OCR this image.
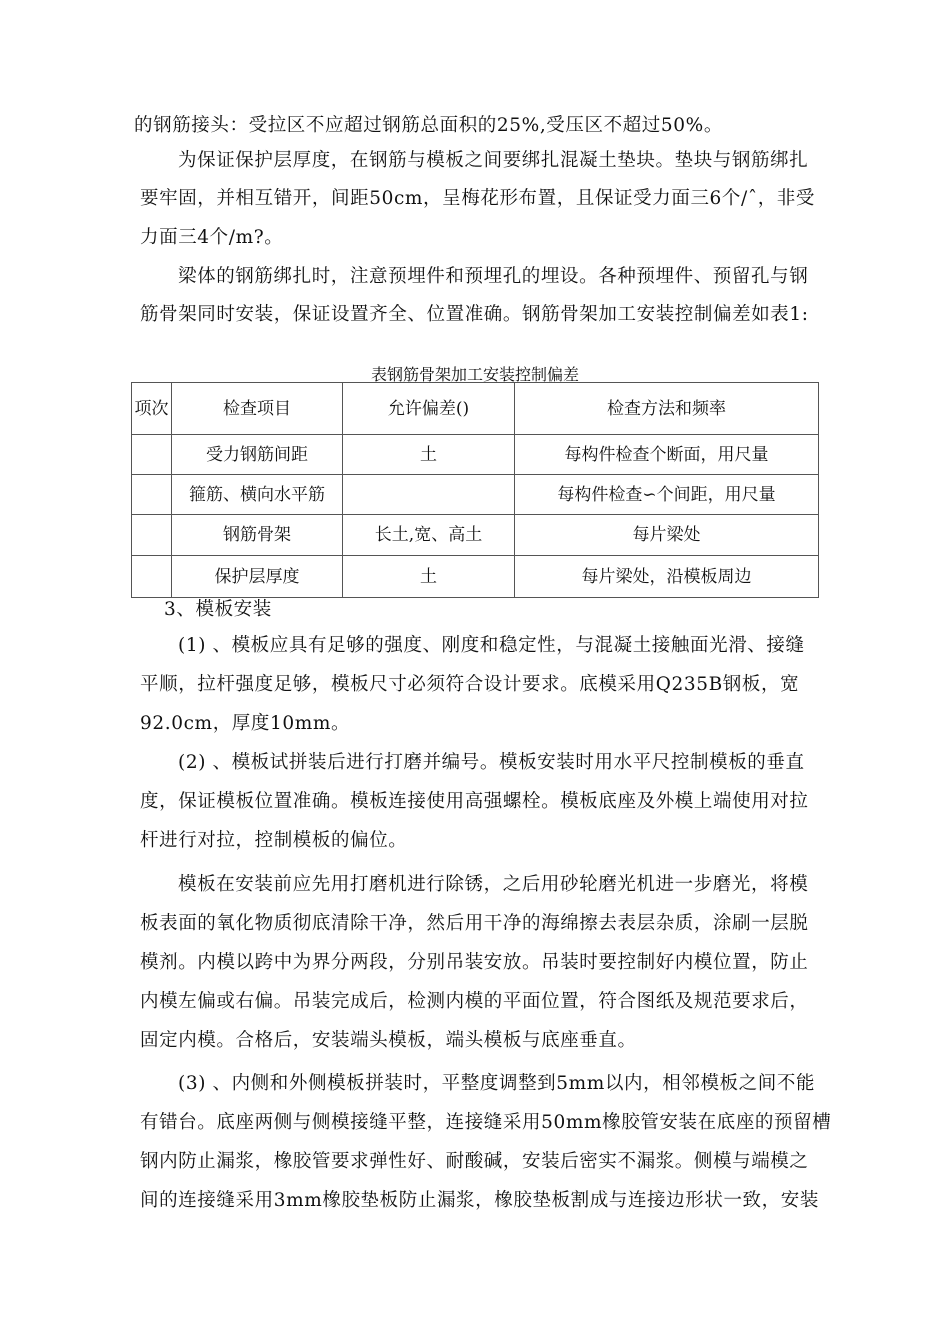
的钢筋接头：受拉区不应超过钢筋总面积的25%,受压区不超过50%。
为保证保护层厚度，在钢筋与模板之间要绑扎混凝土垫块。垫块与钢筋绑扎
要牢固，并相互错开，间距50cm，呈梅花形布置，且保证受力面三6个/ˆ，非受
力面三4个/m?。
梁体的钢筋绑扎时，注意预埋件和预埋孔的埋设。各种预埋件、预留孔与钢
筋骨架同时安装，保证设置齐全、位置准确。钢筋骨架加工安装控制偏差如表1:
表钢筋骨架加工安装控制偏差
项次	检查项目	允许偏差()	检查方法和频率
	受力钢筋间距	土	每构件检查个断面，用尺量
	箍筋、横向水平筋		每构件检查∽个间距，用尺量
	钢筋骨架	长土,宽、高土	每片梁处
	保护层厚度	土	每片梁处，沿模板周边
3、模板安装
(1) 、模板应具有足够的强度、刚度和稳定性，与混凝土接触面光滑、接缝
平顺，拉杆强度足够，模板尺寸必须符合设计要求。底模采用Q235B钢板，宽
92.0cm，厚度10mm。
(2) 、模板试拼装后进行打磨并编号。模板安装时用水平尺控制模板的垂直
度，保证模板位置准确。模板连接使用高强螺栓。模板底座及外模上端使用对拉
杆进行对拉，控制模板的偏位。
模板在安装前应先用打磨机进行除锈，之后用砂轮磨光机进一步磨光，将模
板表面的氧化物质彻底清除干净，然后用干净的海绵擦去表层杂质，涂刷一层脱
模剂。内模以跨中为界分两段，分别吊装安放。吊装时要控制好内模位置，防止
内模左偏或右偏。吊装完成后，检测内模的平面位置，符合图纸及规范要求后，
固定内模。合格后，安装端头模板，端头模板与底座垂直。
(3) 、内侧和外侧模板拼装时，平整度调整到5mm以内，相邻模板之间不能
有错台。底座两侧与侧模接缝平整，连接缝采用50mm橡胶管安装在底座的预留槽
钢内防止漏浆，橡胶管要求弹性好、耐酸碱，安装后密实不漏浆。侧模与端模之
间的连接缝采用3mm橡胶垫板防止漏浆，橡胶垫板割成与连接边形状一致，安装
